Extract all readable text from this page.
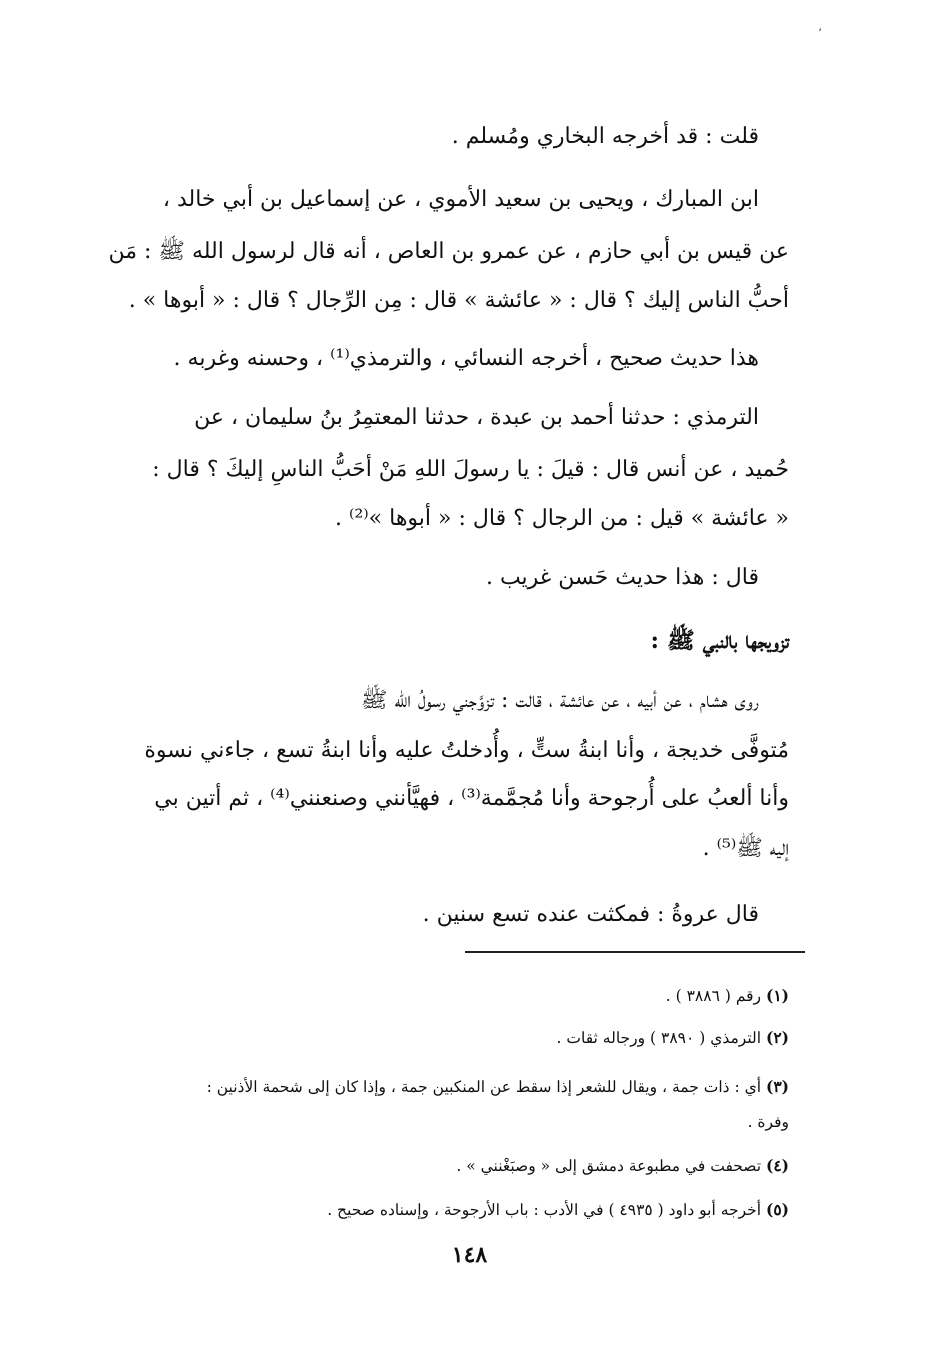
،
قلت : قد أخرجه البخاري ومُسلم .
ابن المبارك ، ويحيى بن سعيد الأموي ، عن إسماعيل بن أبي خالد ،
عن قيس بن أبي حازم ، عن عمرو بن العاص ، أنه قال لرسول الله ﷺ : مَن
أحبُّ الناس إليك ؟ قال : « عائشة » قال : مِن الرِّجال ؟ قال : « أبوها » .
هذا حديث صحيح ، أخرجه النسائي ، والترمذي⁽¹⁾ ، وحسنه وغربه .
الترمذي : حدثنا أحمد بن عبدة ، حدثنا المعتمِرُ بنُ سليمان ، عن
حُميد ، عن أنس قال : قيلَ : يا رسولَ اللهِ مَنْ أحَبُّ الناسِ إليكَ ؟ قال :
« عائشة » قيل : من الرجال ؟ قال : « أبوها »⁽²⁾ .
قال : هذا حديث حَسن غريب .
تزويجها بالنبي ﷺ :
روى هشام ، عن أبيه ، عن عائشة ، قالت : تزوَّجني رسولُ الله ﷺ
مُتوفَّى خديجة ، وأنا ابنةُ ستٍّ ، وأُدخلتُ عليه وأنا ابنةُ تسع ، جاءني نسوة
وأنا ألعبُ على أُرجوحة وأنا مُجمَّمة⁽³⁾ ، فهيَّأنني وصنعنني⁽⁴⁾ ، ثم أتين بي
إليه ﷺ⁽⁵⁾ .
قال عروةُ : فمكثت عنده تسع سنين .
(١) رقم ( ٣٨٨٦ ) .
(٢) الترمذي ( ٣٨٩٠ ) ورجاله ثقات .
(٣) أي : ذات جمة ، ويقال للشعر إذا سقط عن المنكبين جمة ، وإذا كان إلى شحمة الأذنين :
وفرة .
(٤) تصحفت في مطبوعة دمشق إلى « وصبَغْنني » .
(٥) أخرجه أبو داود ( ٤٩٣٥ ) في الأدب : باب الأرجوحة ، وإسناده صحيح .
١٤٨
